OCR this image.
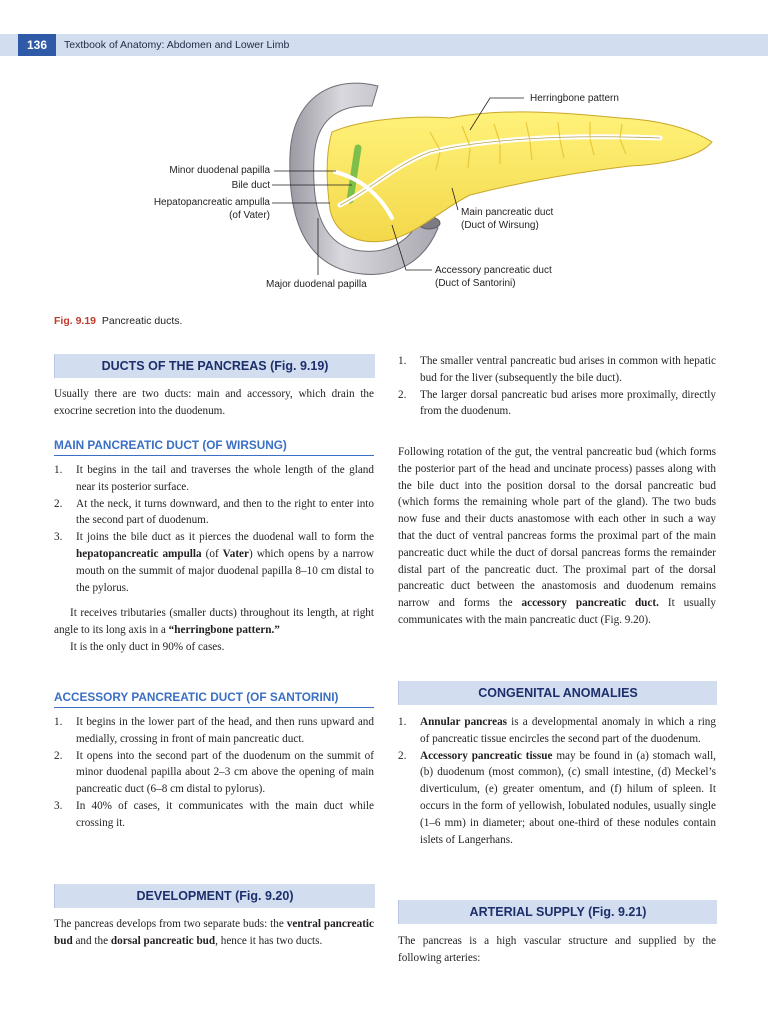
136	Textbook of Anatomy: Abdomen and Lower Limb
Herringbone pattern
Minor duodenal papilla
Bile duct
Hepatopancreatic ampulla
(of Vater)	Main pancreatic duct
(Duct of Wirsung)
Accessory pancreatic duct
(Duct of Santorini)
Major duodenal papilla
Fig. 9.19 Pancreatic ducts.
DUCTS OF THE PANCREAS (Fig. 9.19)

Usually there are two ducts: main and accessory, which drain the exocrine secretion into the duodenum.

MAIN PANCREATIC DUCT (OF WIRSUNG)
1. It begins in the tail and traverses the whole length of the gland near its posterior surface.
2. At the neck, it turns downward, and then to the right to enter into the second part of duodenum.
3. It joins the bile duct as it pierces the duodenal wall to form the hepatopancreatic ampulla (of Vater) which opens by a narrow mouth on the summit of major duodenal papilla 8–10 cm distal to the pylorus.

It receives tributaries (smaller ducts) throughout its length, at right angle to its long axis in a “herringbone pattern.”

It is the only duct in 90% of cases.

ACCESSORY PANCREATIC DUCT (OF SANTORINI)
1. It begins in the lower part of the head, and then runs upward and medially, crossing in front of main pancreatic duct.
2. It opens into the second part of the duodenum on the summit of minor duodenal papilla about 2–3 cm above the opening of main pancreatic duct (6–8 cm distal to pylorus).
3. In 40% of cases, it communicates with the main duct while crossing it.
DEVELOPMENT (Fig. 9.20)

The pancreas develops from two separate buds: the ventral pancreatic bud and the dorsal pancreatic bud, hence it has two ducts.

1. The smaller ventral pancreatic bud arises in common with hepatic bud for the liver (subsequently the bile duct).
2. The larger dorsal pancreatic bud arises more proximally, directly from the duodenum.

Following rotation of the gut, the ventral pancreatic bud (which forms the posterior part of the head and uncinate process) passes along with the bile duct into the position dorsal to the dorsal pancreatic bud (which forms the remaining whole part of the gland). The two buds now fuse and their ducts anastomose with each other in such a way that the duct of ventral pancreas forms the proximal part of the main pancreatic duct while the duct of dorsal pancreas forms the remainder distal part of the pancreatic duct. The proximal part of the dorsal pancreatic duct between the anastomosis and duodenum remains narrow and forms the accessory pancreatic duct. It usually communicates with the main pancreatic duct (Fig. 9.20).

CONGENITAL ANOMALIES
1. Annular pancreas is a developmental anomaly in which a ring of pancreatic tissue encircles the second part of the duodenum.
2. Accessory pancreatic tissue may be found in (a) stomach wall, (b) duodenum (most common), (c) small intestine, (d) Meckel’s diverticulum, (e) greater omentum, and (f) hilum of spleen. It occurs in the form of yellowish, lobulated nodules, usually single (1–6 mm) in diameter; about one-third of these nodules contain islets of Langerhans.
ARTERIAL SUPPLY (Fig. 9.21)

The pancreas is a high vascular structure and supplied by the following arteries:
